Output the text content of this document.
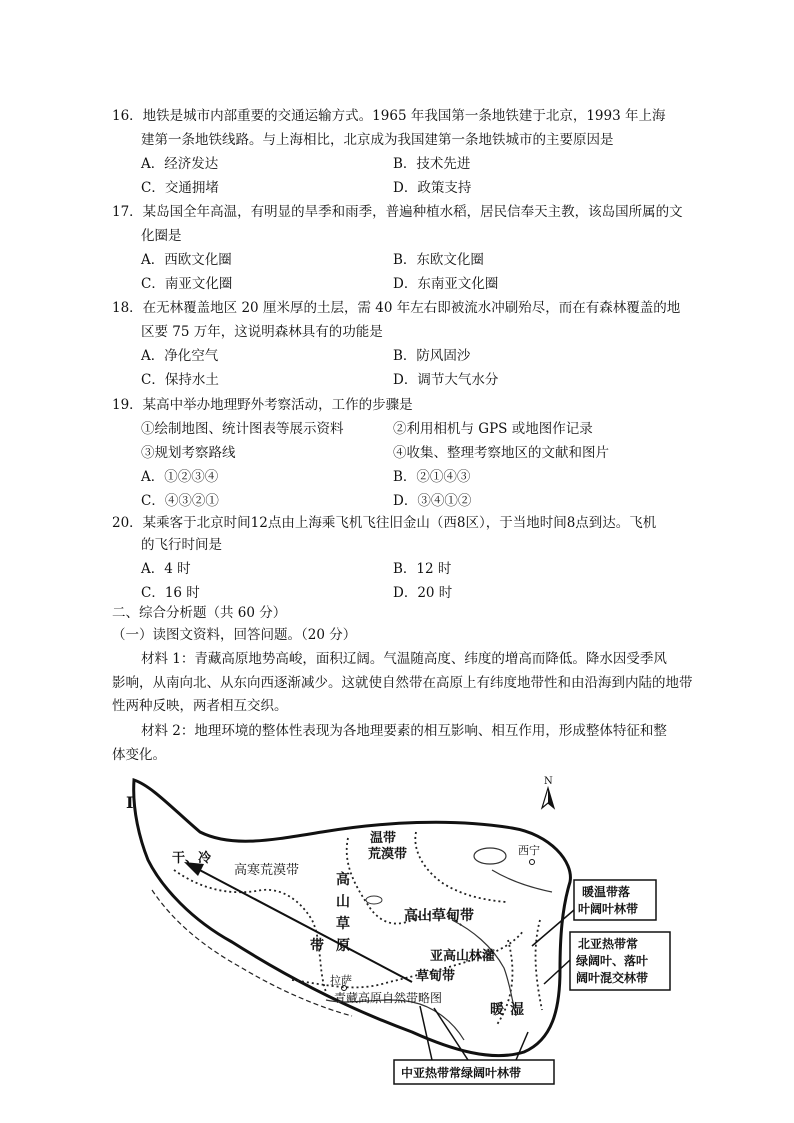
16．地铁是城市内部重要的交通运输方式。1965 年我国第一条地铁建于北京，1993 年上海
建第一条地铁线路。与上海相比，北京成为我国建第一条地铁城市的主要原因是
A．经济发达	B．技术先进
C．交通拥堵	D．政策支持
17．某岛国全年高温，有明显的旱季和雨季，普遍种植水稻，居民信奉天主教，该岛国所属的文
化圈是
A．西欧文化圈	B．东欧文化圈
C．南亚文化圈	D．东南亚文化圈
18．在无林覆盖地区 20 厘米厚的土层，需 40 年左右即被流水冲刷殆尽，而在有森林覆盖的地
区要 75 万年，这说明森林具有的功能是
A．净化空气	B．防风固沙
C．保持水土	D．调节大气水分
19．某高中举办地理野外考察活动，工作的步骤是
①绘制地图、统计图表等展示资料	②利用相机与 GPS 或地图作记录
③规划考察路线	④收集、整理考察地区的文献和图片
A．①②③④	B．②①④③
C．④③②①	D．③④①②
20．某乘客于北京时间12点由上海乘飞机飞往旧金山（西8区），于当地时间8点到达。飞机
的飞行时间是
A．4 时	B．12 时
C．16 时	D．20 时
二、综合分析题（共 60 分）
（一）读图文资料，回答问题。（20 分）
材料 1：青藏高原地势高峻，面积辽阔。气温随高度、纬度的增高而降低。降水因受季风
影响，从南向北、从东向西逐渐减少。这就使自然带在高原上有纬度地带性和由沿海到内陆的地带
性两种反映，两者相互交织。
材料 2：地理环境的整体性表现为各地理要素的相互影响、相互作用，形成整体特征和整
体变化。
N
I
干、冷
高寒荒漠带
温带
荒漠带	西宁
高
山
草
原
带
高山草甸带
亚高山林灌
草甸带
拉萨
青藏高原自然带略图
暖 湿
暖温带落
叶阔叶林带
北亚热带常
绿阔叶、落叶
阔叶混交林带
中亚热带常绿阔叶林带
